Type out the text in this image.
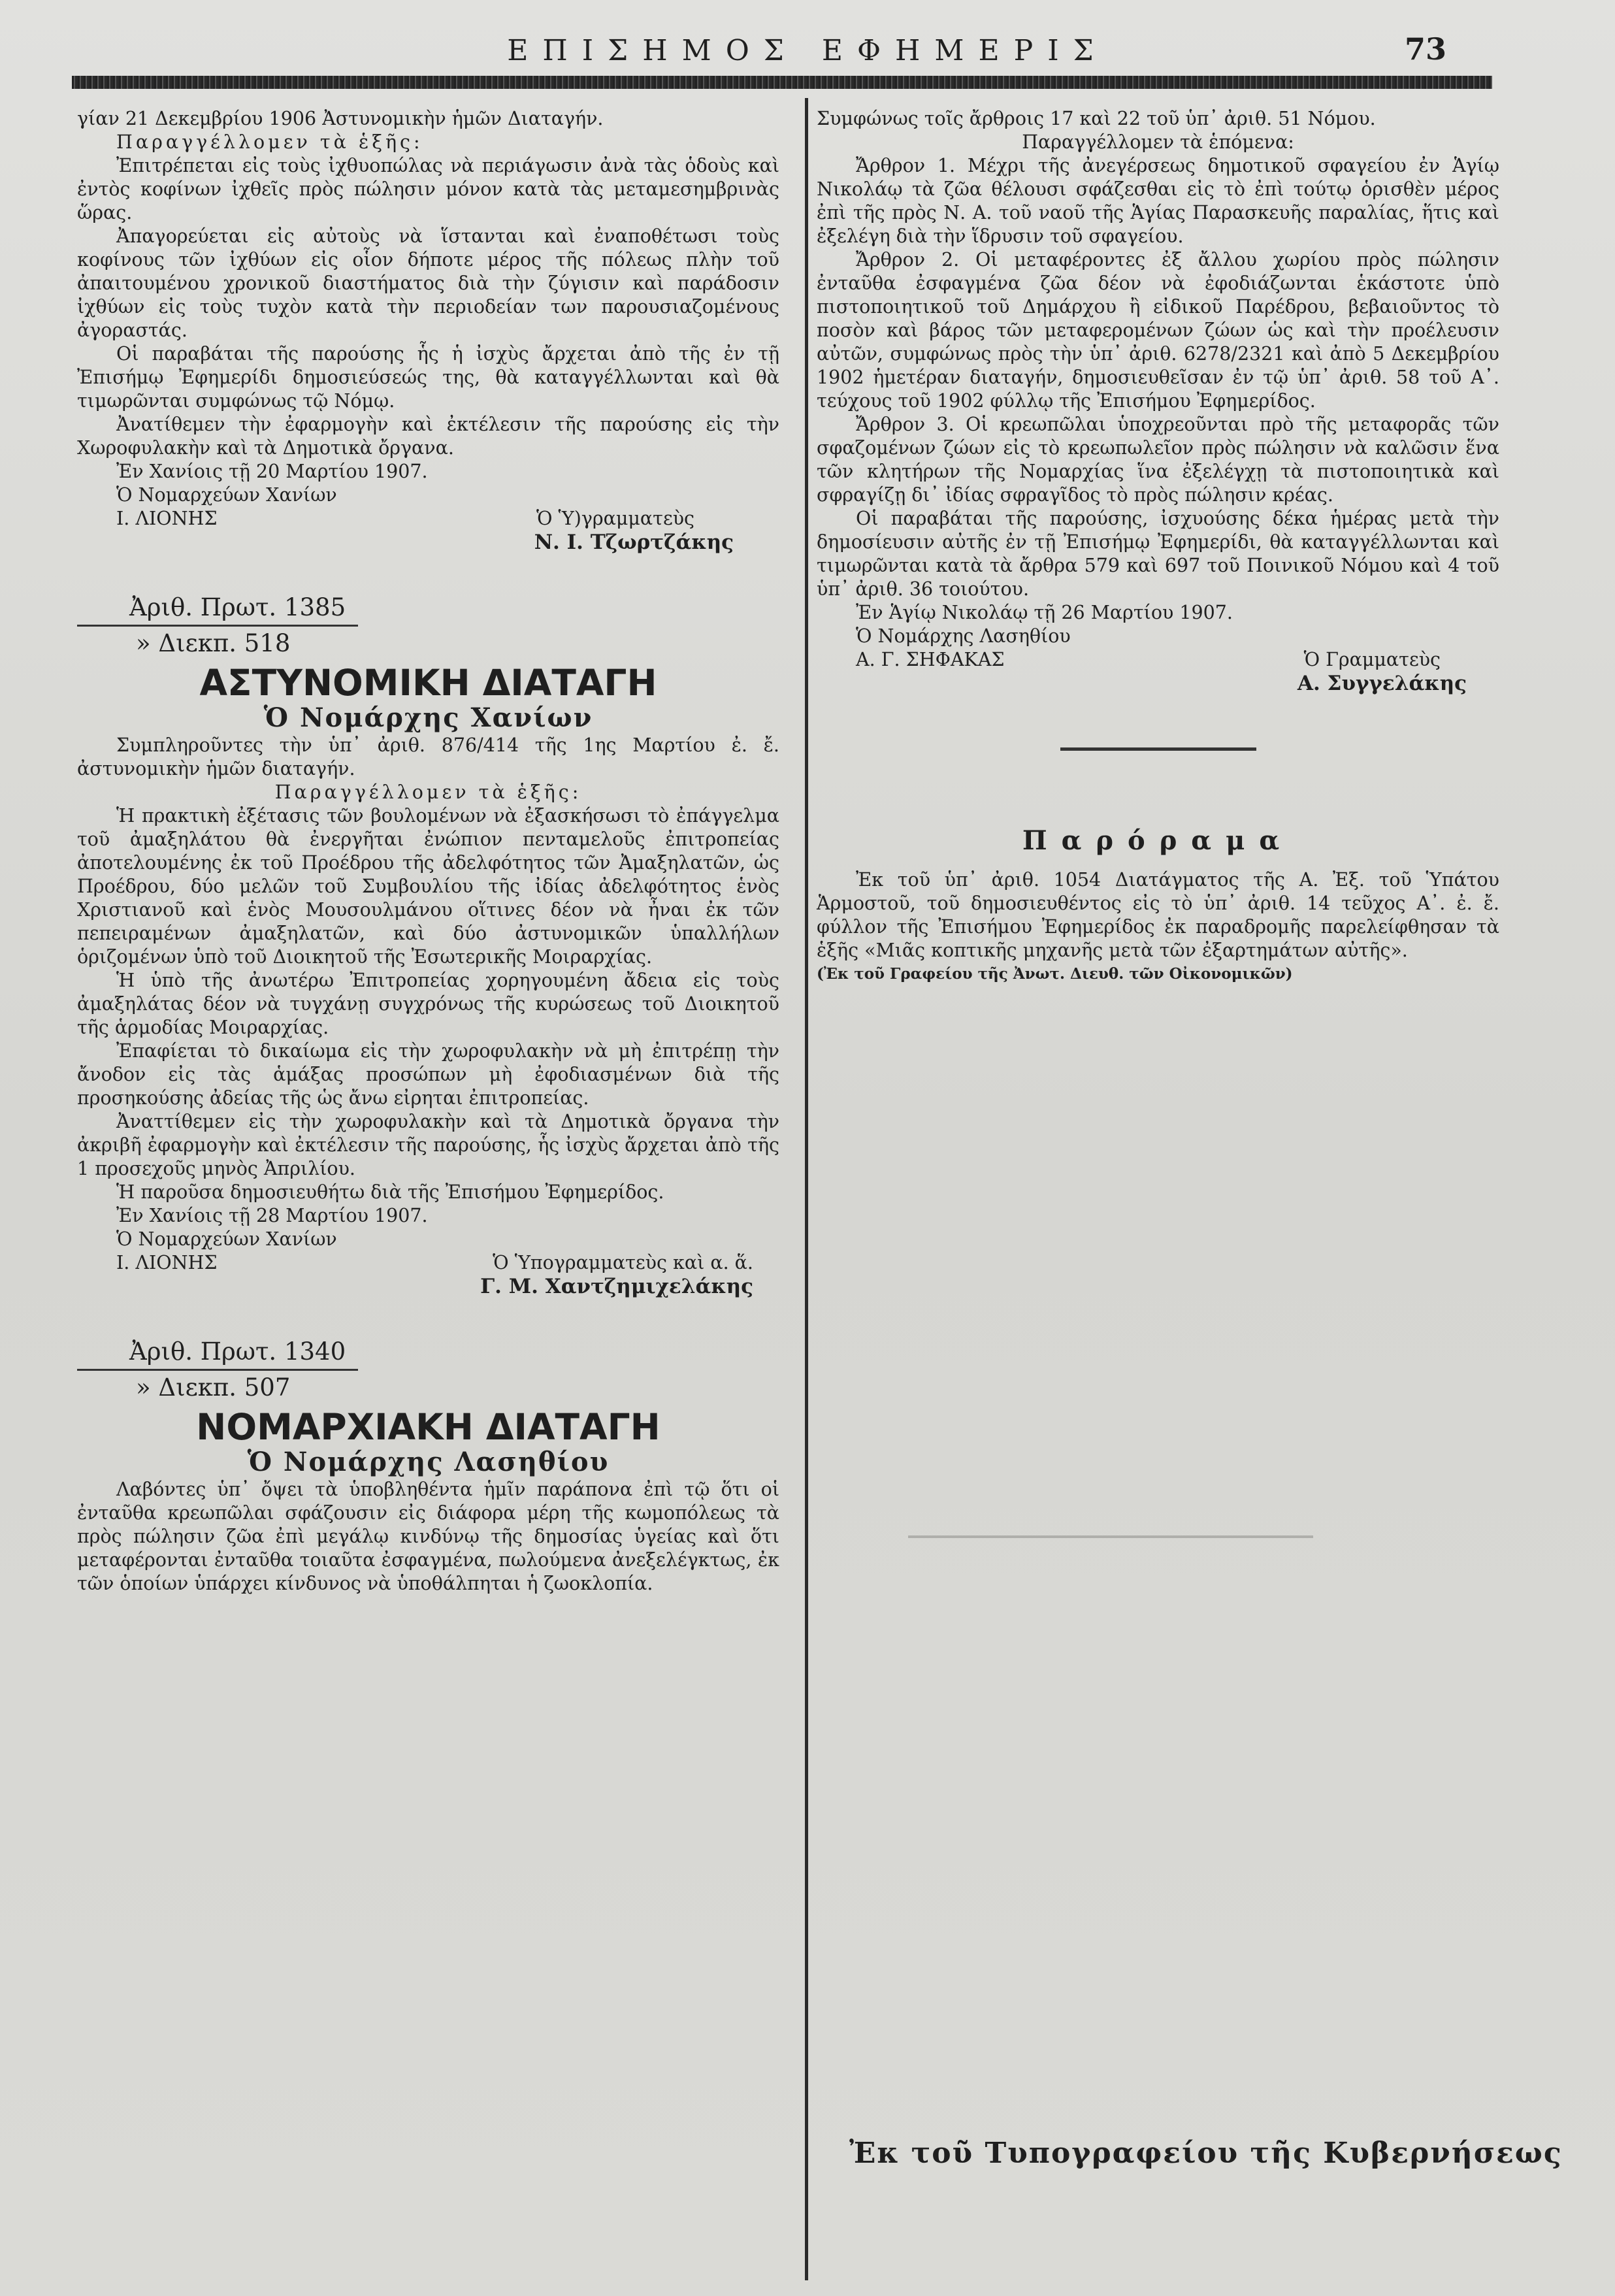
ΕΠΙΣΗΜΟΣ ΕΦΗΜΕΡΙΣ	73

γίαν 21 Δεκεμβρίου 1906 Ἀστυνομικὴν ἡμῶν Διαταγήν.

Παραγγέλλομεν τὰ ἑξῆς:

Ἐπιτρέπεται εἰς τοὺς ἰχθυοπώλας νὰ περιάγωσιν ἀνὰ τὰς ὁδοὺς καὶ ἐντὸς κοφίνων ἰχθεῖς πρὸς πώλησιν μόνον κατὰ τὰς μεταμεσημβρινὰς ὥρας.

Ἀπαγορεύεται εἰς αὐτοὺς νὰ ἵστανται καὶ ἐναποθέτωσι τοὺς κοφίνους τῶν ἰχθύων εἰς οἷον δήποτε μέρος τῆς πόλεως πλὴν τοῦ ἀπαιτουμένου χρονικοῦ διαστήματος διὰ τὴν ζύγισιν καὶ παράδοσιν ἰχθύων εἰς τοὺς τυχὸν κατὰ τὴν περιοδείαν των παρουσιαζομένους ἀγοραστάς.

Οἱ παραβάται τῆς παρούσης ἧς ἡ ἰσχὺς ἄρχεται ἀπὸ τῆς ἐν τῇ Ἐπισήμῳ Ἐφημερίδι δημοσιεύσεώς της, θὰ καταγγέλλωνται καὶ θὰ τιμωρῶνται συμφώνως τῷ Νόμῳ.

Ἀνατίθεμεν τὴν ἐφαρμογὴν καὶ ἐκτέλεσιν τῆς παρούσης εἰς τὴν Χωροφυλακὴν καὶ τὰ Δημοτικὰ ὄργανα.

Ἐν Χανίοις τῇ 20 Μαρτίου 1907.

Ὁ Νομαρχεύων Χανίων

Ι. ΛΙΟΝΗΣ	Ὁ Ὑ)γραμματεὺς

Ν. Ι. Τζωρτζάκης

Ἀριθ. Πρωτ. 1385

» Διεκπ. 518

ΑΣΤΥΝΟΜΙΚΗ ΔΙΑΤΑΓΗ
Ὁ Νομάρχης Χανίων

Συμπληροῦντες τὴν ὑπ᾿ ἀριθ. 876/414 τῆς 1ης Μαρτίου ἐ. ἔ. ἀστυνομικὴν ἡμῶν διαταγήν.

Παραγγέλλομεν τὰ ἑξῆς:

Ἡ πρακτικὴ ἐξέτασις τῶν βουλομένων νὰ ἐξασκήσωσι τὸ ἐπάγγελμα τοῦ ἀμαξηλάτου θὰ ἐνεργῆται ἐνώπιον πενταμελοῦς ἐπιτροπείας ἀποτελουμένης ἐκ τοῦ Προέδρου τῆς ἀδελφότητος τῶν Ἀμαξηλατῶν, ὡς Προέδρου, δύο μελῶν τοῦ Συμβουλίου τῆς ἰδίας ἀδελφότητος ἑνὸς Χριστιανοῦ καὶ ἑνὸς Μουσουλμάνου οἵτινες δέον νὰ ἦναι ἐκ τῶν πεπειραμένων ἀμαξηλατῶν, καὶ δύο ἀστυνομικῶν ὑπαλλήλων ὁριζομένων ὑπὸ τοῦ Διοικητοῦ τῆς Ἐσωτερικῆς Μοιραρχίας.

Ἡ ὑπὸ τῆς ἀνωτέρω Ἐπιτροπείας χορηγουμένη ἄδεια εἰς τοὺς ἀμαξηλάτας δέον νὰ τυγχάνῃ συγχρόνως τῆς κυρώσεως τοῦ Διοικητοῦ τῆς ἁρμοδίας Μοιραρχίας.

Ἐπαφίεται τὸ δικαίωμα εἰς τὴν χωροφυλακὴν νὰ μὴ ἐπιτρέπῃ τὴν ἄνοδον εἰς τὰς ἁμάξας προσώπων μὴ ἐφοδιασμένων διὰ τῆς προσηκούσης ἀδείας τῆς ὡς ἄνω εἰρηται ἐπιτροπείας.

Ἀναττίθεμεν εἰς τὴν χωροφυλακὴν καὶ τὰ Δημοτικὰ ὄργανα τὴν ἀκριβῆ ἐφαρμογὴν καὶ ἐκτέλεσιν τῆς παρούσης, ἧς ἰσχὺς ἄρχεται ἀπὸ τῆς 1 προσεχοῦς μηνὸς Ἀπριλίου.

Ἡ παροῦσα δημοσιευθήτω διὰ τῆς Ἐπισήμου Ἐφημερίδος.

Ἐν Χανίοις τῇ 28 Μαρτίου 1907.

Ὁ Νομαρχεύων Χανίων

Ι. ΛΙΟΝΗΣ	Ὁ Ὑπογραμματεὺς καὶ α. ἅ.

Γ. Μ. Χαντζημιχελάκης

Ἀριθ. Πρωτ. 1340

» Διεκπ. 507

ΝΟΜΑΡΧΙΑΚΗ ΔΙΑΤΑΓΗ
Ὁ Νομάρχης Λασηθίου

Λαβόντες ὑπ᾿ ὄψει τὰ ὑποβληθέντα ἡμῖν παράπονα ἐπὶ τῷ ὅτι οἱ ἐνταῦθα κρεωπῶλαι σφάζουσιν εἰς διάφορα μέρη τῆς κωμοπόλεως τὰ πρὸς πώλησιν ζῶα ἐπὶ μεγάλῳ κινδύνῳ τῆς δημοσίας ὑγείας καὶ ὅτι μεταφέρονται ἐνταῦθα τοιαῦτα ἐσφαγμένα, πωλούμενα ἀνεξελέγκτως, ἐκ τῶν ὁποίων ὑπάρχει κίνδυνος νὰ ὑποθάλπηται ἡ ζωοκλοπία.

Συμφώνως τοῖς ἄρθροις 17 καὶ 22 τοῦ ὑπ᾿ ἀριθ. 51 Νόμου.

Παραγγέλλομεν τὰ ἑπόμενα:

Ἄρθρον 1. Μέχρι τῆς ἀνεγέρσεως δημοτικοῦ σφαγείου ἐν Ἁγίῳ Νικολάῳ τὰ ζῶα θέλουσι σφάζεσθαι εἰς τὸ ἐπὶ τούτῳ ὁρισθὲν μέρος ἐπὶ τῆς πρὸς Ν. Α. τοῦ ναοῦ τῆς Ἁγίας Παρασκευῆς παραλίας, ἥτις καὶ ἐξελέγη διὰ τὴν ἵδρυσιν τοῦ σφαγείου.

Ἄρθρον 2. Οἱ μεταφέροντες ἐξ ἄλλου χωρίου πρὸς πώλησιν ἐνταῦθα ἐσφαγμένα ζῶα δέον νὰ ἐφοδιάζωνται ἑκάστοτε ὑπὸ πιστοποιητικοῦ τοῦ Δημάρχου ἢ εἰδικοῦ Παρέδρου, βεβαιοῦντος τὸ ποσὸν καὶ βάρος τῶν μεταφερομένων ζώων ὡς καὶ τὴν προέλευσιν αὐτῶν, συμφώνως πρὸς τὴν ὑπ᾿ ἀριθ. 6278/2321 καὶ ἀπὸ 5 Δεκεμβρίου 1902 ἡμετέραν διαταγήν, δημοσιευθεῖσαν ἐν τῷ ὑπ᾿ ἀριθ. 58 τοῦ Α᾿. τεύχους τοῦ 1902 φύλλῳ τῆς Ἐπισήμου Ἐφημερίδος.

Ἄρθρον 3. Οἱ κρεωπῶλαι ὑποχρεοῦνται πρὸ τῆς μεταφορᾶς τῶν σφαζομένων ζώων εἰς τὸ κρεωπωλεῖον πρὸς πώλησιν νὰ καλῶσιν ἕνα τῶν κλητήρων τῆς Νομαρχίας ἵνα ἐξελέγχῃ τὰ πιστοποιητικὰ καὶ σφραγίζῃ δι᾿ ἰδίας σφραγῖδος τὸ πρὸς πώλησιν κρέας.

Οἱ παραβάται τῆς παρούσης, ἰσχυούσης δέκα ἡμέρας μετὰ τὴν δημοσίευσιν αὐτῆς ἐν τῇ Ἐπισήμῳ Ἐφημερίδι, θὰ καταγγέλλωνται καὶ τιμωρῶνται κατὰ τὰ ἄρθρα 579 καὶ 697 τοῦ Ποινικοῦ Νόμου καὶ 4 τοῦ ὑπ᾿ ἀριθ. 36 τοιούτου.

Ἐν Ἁγίῳ Νικολάῳ τῇ 26 Μαρτίου 1907.

Ὁ Νομάρχης Λασηθίου

Α. Γ. ΣΗΦΑΚΑΣ	Ὁ Γραμματεὺς

Α. Συγγελάκης

Παρόραμα

Ἐκ τοῦ ὑπ᾿ ἀριθ. 1054 Διατάγματος τῆς Α. Ἐξ. τοῦ Ὑπάτου Ἁρμοστοῦ, τοῦ δημοσιευθέντος εἰς τὸ ὑπ᾿ ἀριθ. 14 τεῦχος Α᾿. ἐ. ἔ. φύλλον τῆς Ἐπισήμου Ἐφημερίδος ἐκ παραδρομῆς παρελείφθησαν τὰ ἑξῆς «Μιᾶς κοπτικῆς μηχανῆς μετὰ τῶν ἐξαρτημάτων αὐτῆς».

(Ἐκ τοῦ Γραφείου τῆς Ἀνωτ. Διευθ. τῶν Οἰκονομικῶν)

Ἐκ τοῦ Τυπογραφείου τῆς Κυβερνήσεως
